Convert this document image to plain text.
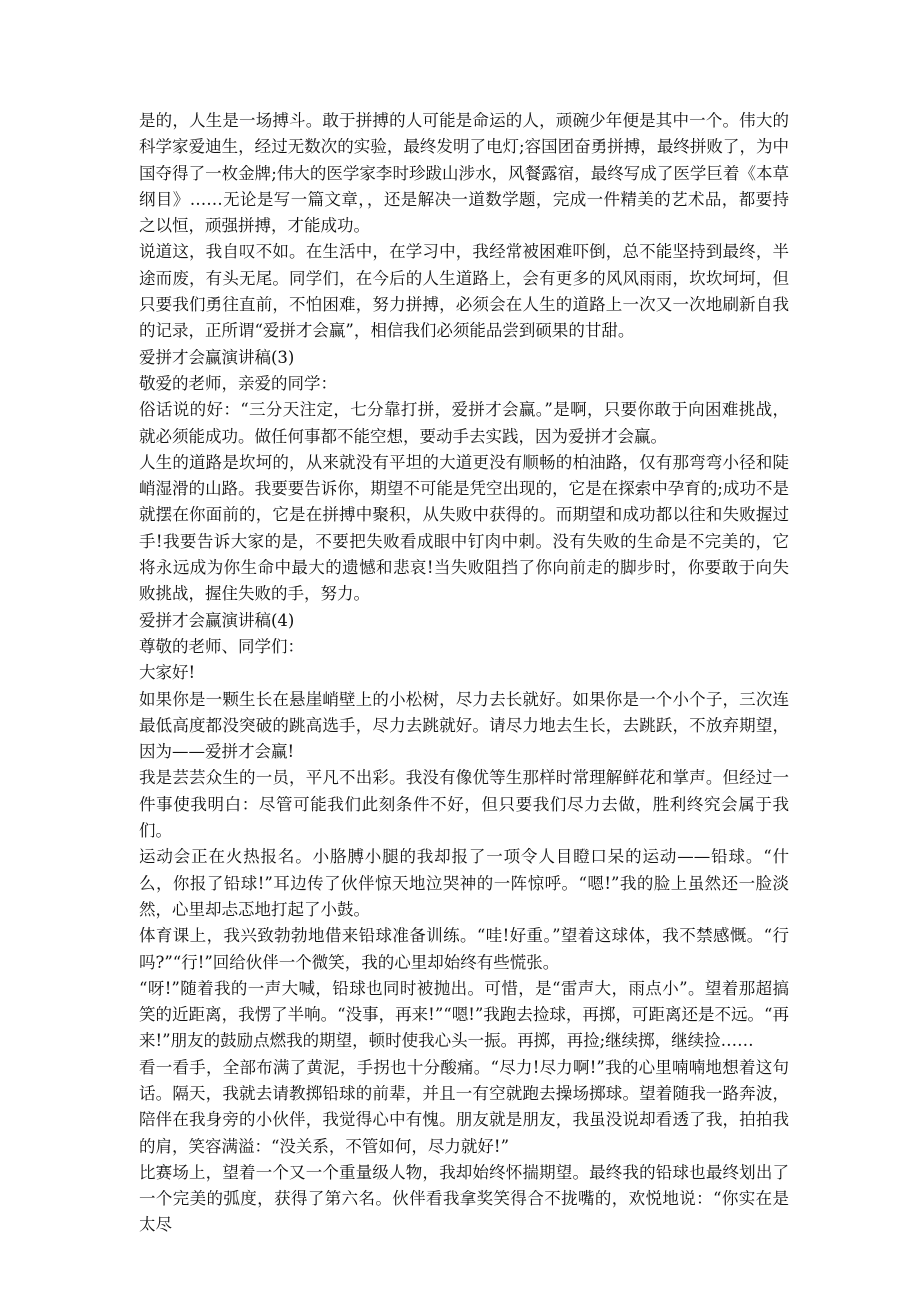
是的，人生是一场搏斗。敢于拼搏的人可能是命运的人，顽碗少年便是其中一个。伟大的科学家爱迪生，经过无数次的实验，最终发明了电灯;容国团奋勇拼搏，最终拼败了，为中国夺得了一枚金牌;伟大的医学家李时珍跋山涉水，风餐露宿，最终写成了医学巨着《本草纲目》……无论是写一篇文章，，还是解决一道数学题，完成一件精美的艺术品，都要持之以恒，顽强拼搏，才能成功。

说道这，我自叹不如。在生活中，在学习中，我经常被困难吓倒，总不能坚持到最终，半途而废，有头无尾。同学们，在今后的人生道路上，会有更多的风风雨雨，坎坎坷坷，但只要我们勇往直前，不怕困难，努力拼搏，必须会在人生的道路上一次又一次地刷新自我的记录，正所谓“爱拼才会赢”，相信我们必须能品尝到硕果的甘甜。

爱拼才会赢演讲稿(3)

敬爱的老师，亲爱的同学：

俗话说的好：“三分天注定，七分靠打拼，爱拼才会赢。”是啊，只要你敢于向困难挑战，就必须能成功。做任何事都不能空想，要动手去实践，因为爱拼才会赢。

人生的道路是坎坷的，从来就没有平坦的大道更没有顺畅的柏油路，仅有那弯弯小径和陡峭湿滑的山路。我要要告诉你，期望不可能是凭空出现的，它是在探索中孕育的;成功不是就摆在你面前的，它是在拼搏中聚积，从失败中获得的。而期望和成功都以往和失败握过手!我要告诉大家的是，不要把失败看成眼中钉肉中刺。没有失败的生命是不完美的，它将永远成为你生命中最大的遗憾和悲哀!当失败阻挡了你向前走的脚步时，你要敢于向失败挑战，握住失败的手，努力。

爱拼才会赢演讲稿(4)

尊敬的老师、同学们：

大家好!

如果你是一颗生长在悬崖峭壁上的小松树，尽力去长就好。如果你是一个小个子，三次连最低高度都没突破的跳高选手，尽力去跳就好。请尽力地去生长，去跳跃，不放弃期望，因为——爱拼才会赢!

我是芸芸众生的一员，平凡不出彩。我没有像优等生那样时常理解鲜花和掌声。但经过一件事使我明白：尽管可能我们此刻条件不好，但只要我们尽力去做，胜利终究会属于我们。

运动会正在火热报名。小胳膊小腿的我却报了一项令人目瞪口呆的运动——铅球。“什么，你报了铅球!”耳边传了伙伴惊天地泣哭神的一阵惊呼。“嗯!”我的脸上虽然还一脸淡然，心里却忐忑地打起了小鼓。

体育课上，我兴致勃勃地借来铅球准备训练。“哇!好重。”望着这球体，我不禁感慨。“行吗?”“行!”回给伙伴一个微笑，我的心里却始终有些慌张。

“呀!”随着我的一声大喊，铅球也同时被抛出。可惜，是“雷声大，雨点小”。望着那超搞笑的近距离，我愣了半响。“没事，再来!”“嗯!”我跑去捡球，再掷，可距离还是不远。“再来!”朋友的鼓励点燃我的期望，顿时使我心头一振。再掷，再捡;继续掷，继续捡……

看一看手，全部布满了黄泥，手拐也十分酸痛。“尽力!尽力啊!”我的心里喃喃地想着这句话。隔天，我就去请教掷铅球的前辈，并且一有空就跑去操场掷球。望着随我一路奔波，陪伴在我身旁的小伙伴，我觉得心中有愧。朋友就是朋友，我虽没说却看透了我，拍拍我的肩，笑容满溢：“没关系，不管如何，尽力就好!”

比赛场上，望着一个又一个重量级人物，我却始终怀揣期望。最终我的铅球也最终划出了一个完美的弧度，获得了第六名。伙伴看我拿奖笑得合不拢嘴的，欢悦地说：“你实在是太尽
